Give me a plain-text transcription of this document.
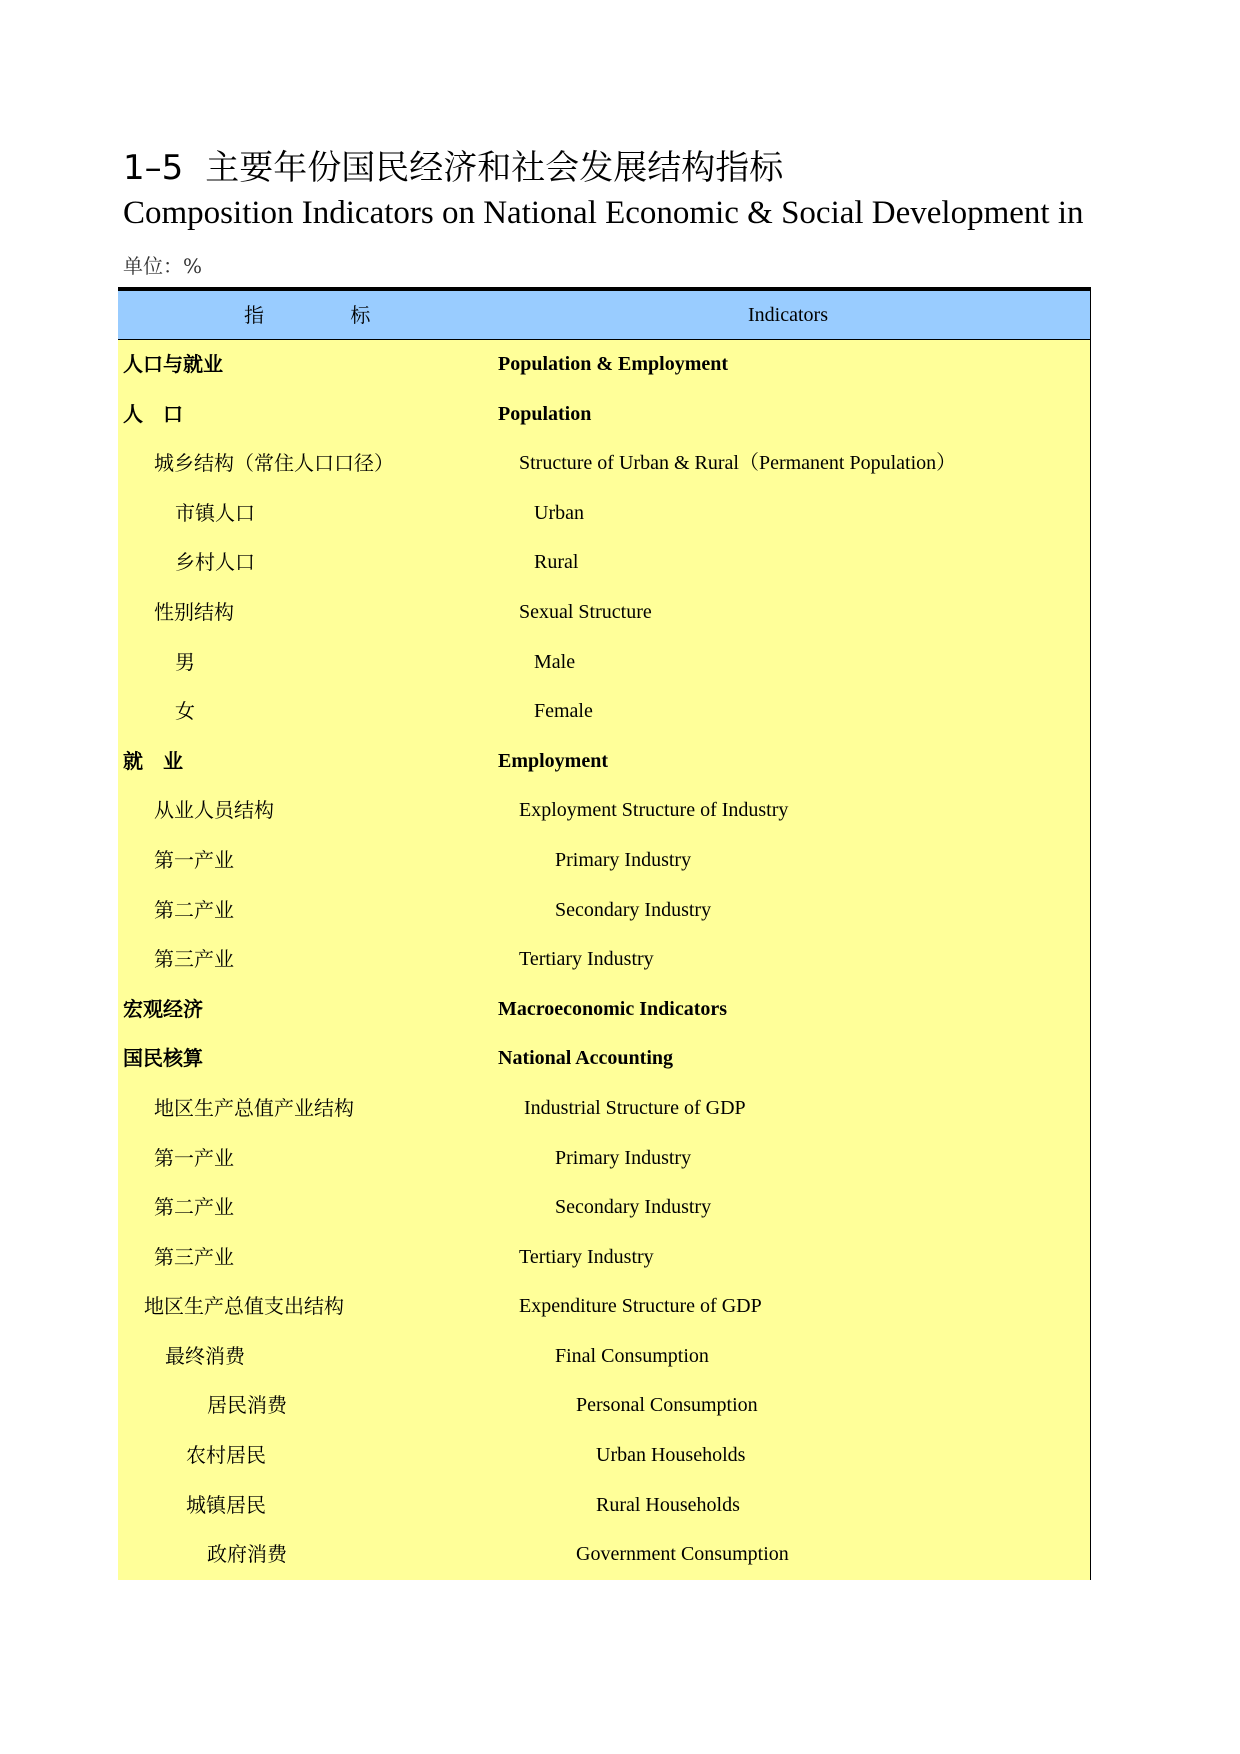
1–5 主要年份国民经济和社会发展结构指标
Composition Indicators on National Economic & Social Development in
单位：%
指 标	Indicators
人口与就业	Population & Employment
人　口	Population
城乡结构（常住人口口径）	Structure of Urban & Rural（Permanent Population）
市镇人口	Urban
乡村人口	Rural
性别结构	Sexual Structure
男	Male
女	Female
就　业	Employment
从业人员结构	Exployment Structure of Industry
第一产业	Primary Industry
第二产业	Secondary Industry
第三产业	Tertiary Industry
宏观经济	Macroeconomic Indicators
国民核算	National Accounting
地区生产总值产业结构	Industrial Structure of GDP
第一产业	Primary Industry
第二产业	Secondary Industry
第三产业	Tertiary Industry
地区生产总值支出结构	Expenditure Structure of GDP
最终消费	Final Consumption
居民消费	Personal Consumption
农村居民	Urban Households
城镇居民	Rural Households
政府消费	Government Consumption
